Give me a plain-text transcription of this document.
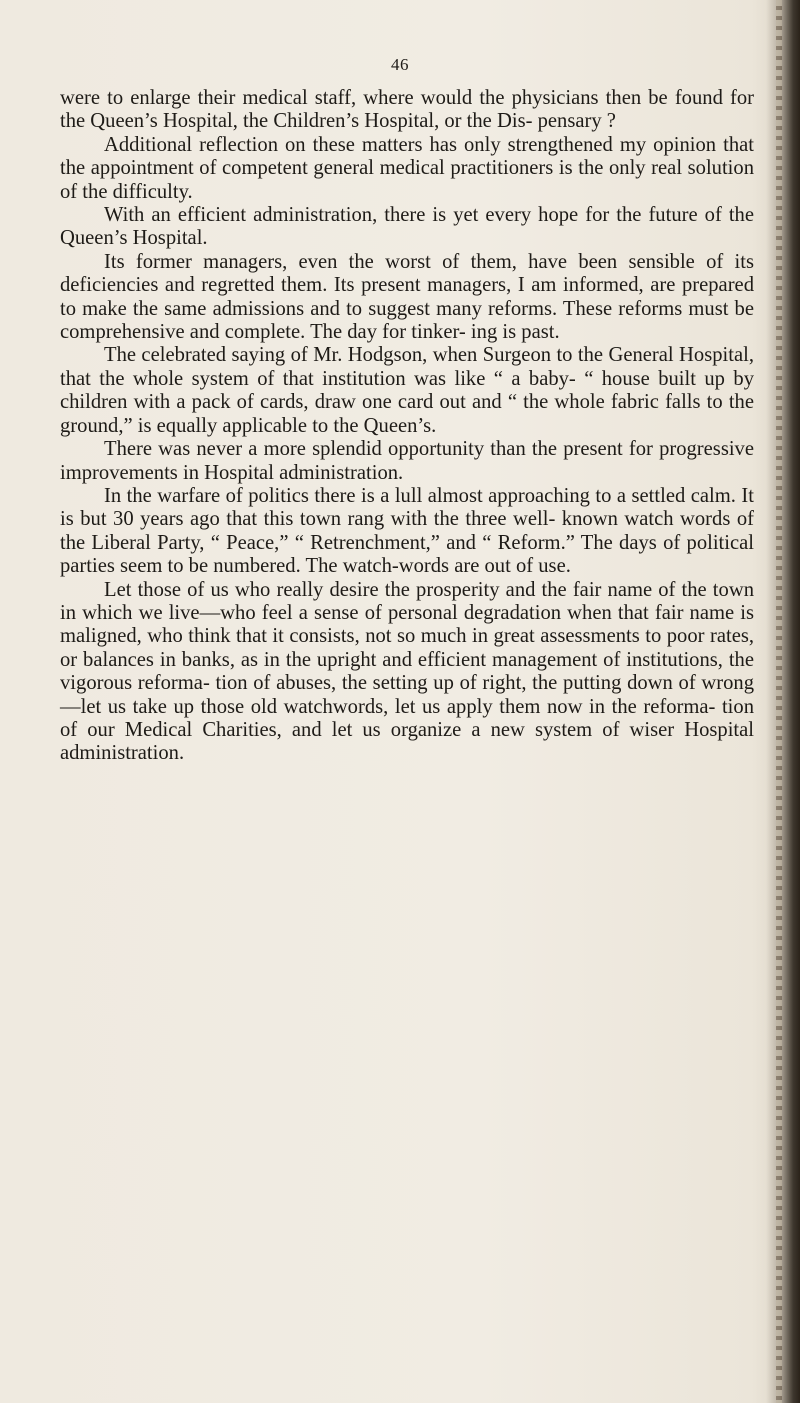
46

were to enlarge their medical staff, where would the physicians then be found for the Queen’s Hospital, the Children’s Hospital, or the Dis- pensary ?

Additional reflection on these matters has only strengthened my opinion that the appointment of competent general medical practitioners is the only real solution of the difficulty.

With an efficient administration, there is yet every hope for the future of the Queen’s Hospital.

Its former managers, even the worst of them, have been sensible of its deficiencies and regretted them. Its present managers, I am informed, are prepared to make the same admissions and to suggest many reforms. These reforms must be comprehensive and complete. The day for tinker- ing is past.

The celebrated saying of Mr. Hodgson, when Surgeon to the General Hospital, that the whole system of that institution was like “ a baby- “ house built up by children with a pack of cards, draw one card out and “ the whole fabric falls to the ground,” is equally applicable to the Queen’s.

There was never a more splendid opportunity than the present for progressive improvements in Hospital administration.

In the warfare of politics there is a lull almost approaching to a settled calm. It is but 30 years ago that this town rang with the three well- known watch words of the Liberal Party, “ Peace,” “ Retrenchment,” and “ Reform.” The days of political parties seem to be numbered. The watch-words are out of use.

Let those of us who really desire the prosperity and the fair name of the town in which we live—who feel a sense of personal degradation when that fair name is maligned, who think that it consists, not so much in great assessments to poor rates, or balances in banks, as in the upright and efficient management of institutions, the vigorous reforma- tion of abuses, the setting up of right, the putting down of wrong—let us take up those old watchwords, let us apply them now in the reforma- tion of our Medical Charities, and let us organize a new system of wiser Hospital administration.
